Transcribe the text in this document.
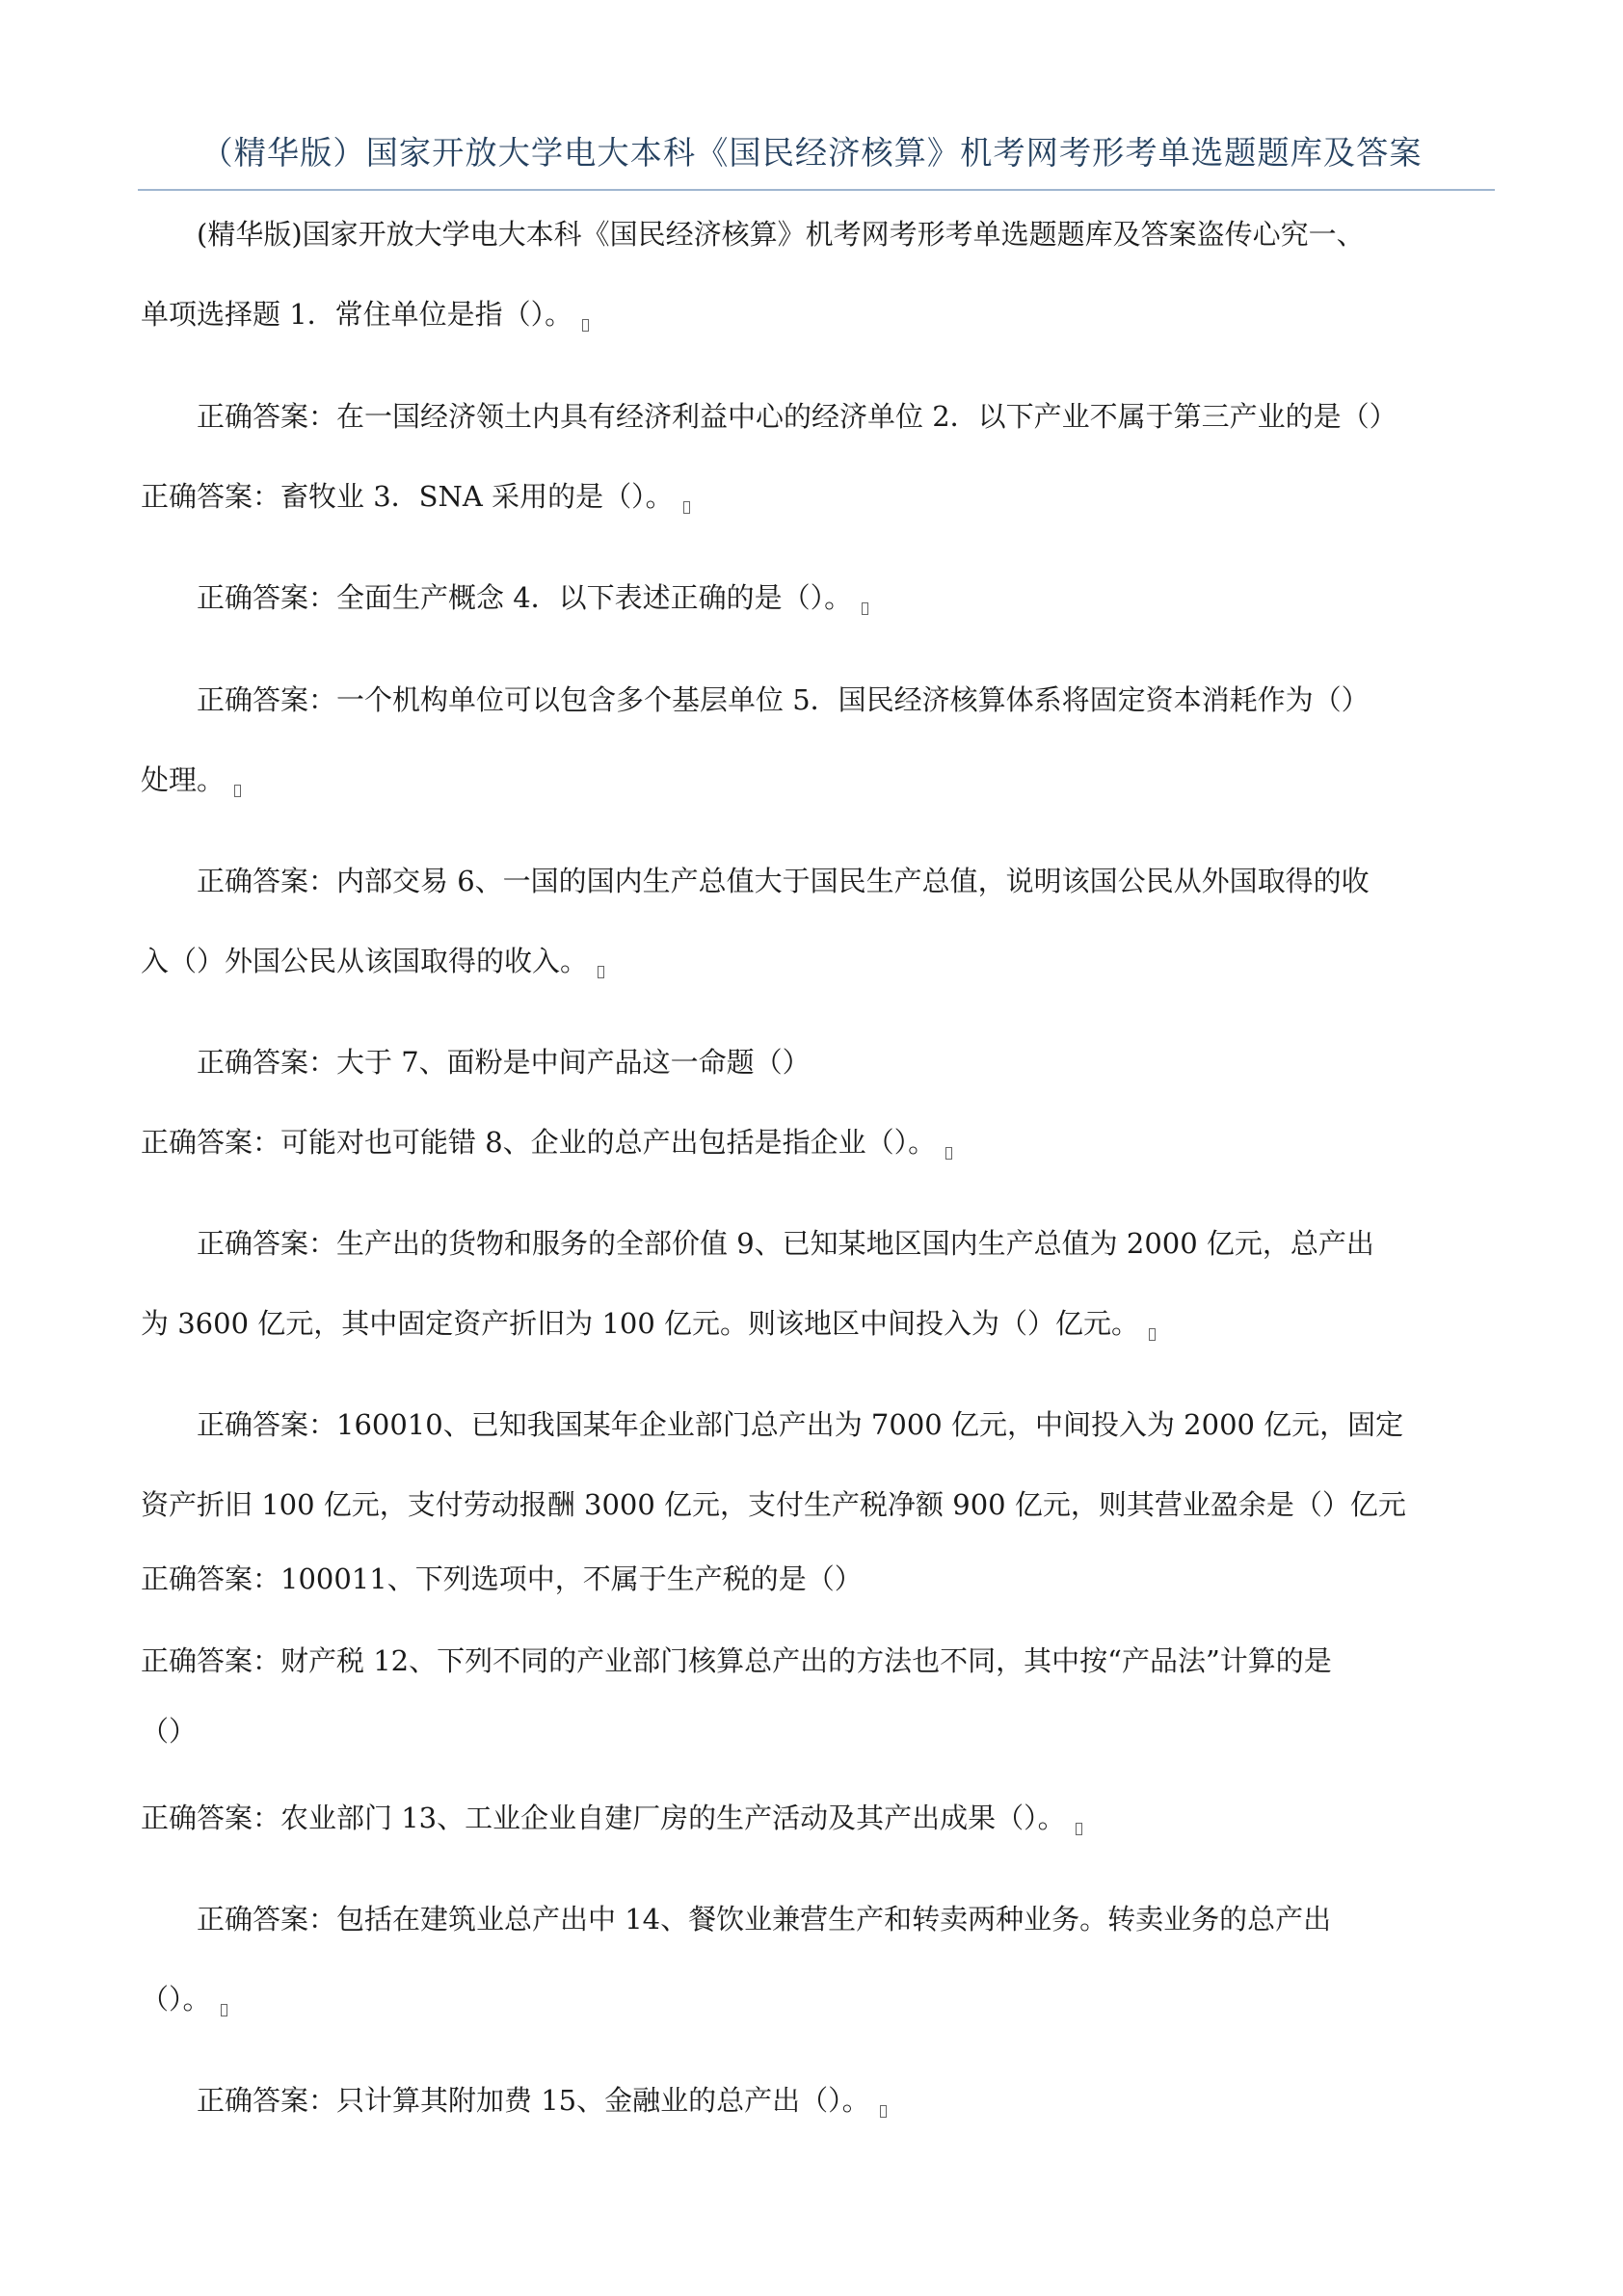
（精华版）国家开放大学电大本科《国民经济核算》机考网考形考单选题题库及答案

(精华版)国家开放大学电大本科《国民经济核算》机考网考形考单选题题库及答案盗传心究一、

单项选择题 1．常住单位是指（）。

正确答案：在一国经济领土内具有经济利益中心的经济单位 2．以下产业不属于第三产业的是（）

正确答案：畜牧业 3．SNA 采用的是（）。

正确答案：全面生产概念 4．以下表述正确的是（）。

正确答案：一个机构单位可以包含多个基层单位 5．国民经济核算体系将固定资本消耗作为（）

处理。

正确答案：内部交易 6、一国的国内生产总值大于国民生产总值，说明该国公民从外国取得的收

入（）外国公民从该国取得的收入。

正确答案：大于 7、面粉是中间产品这一命题（）

正确答案：可能对也可能错 8、企业的总产出包括是指企业（）。

正确答案：生产出的货物和服务的全部价值 9、已知某地区国内生产总值为 2000 亿元，总产出

为 3600 亿元，其中固定资产折旧为 100 亿元。则该地区中间投入为（）亿元。

正确答案：160010、已知我国某年企业部门总产出为 7000 亿元，中间投入为 2000 亿元，固定

资产折旧 100 亿元，支付劳动报酬 3000 亿元，支付生产税净额 900 亿元，则其营业盈余是（）亿元

正确答案：100011、下列选项中，不属于生产税的是（）

正确答案：财产税 12、下列不同的产业部门核算总产出的方法也不同，其中按“产品法”计算的是

（）

正确答案：农业部门 13、工业企业自建厂房的生产活动及其产出成果（）。

正确答案：包括在建筑业总产出中 14、餐饮业兼营生产和转卖两种业务。转卖业务的总产出

（）。

正确答案：只计算其附加费 15、金融业的总产出（）。
